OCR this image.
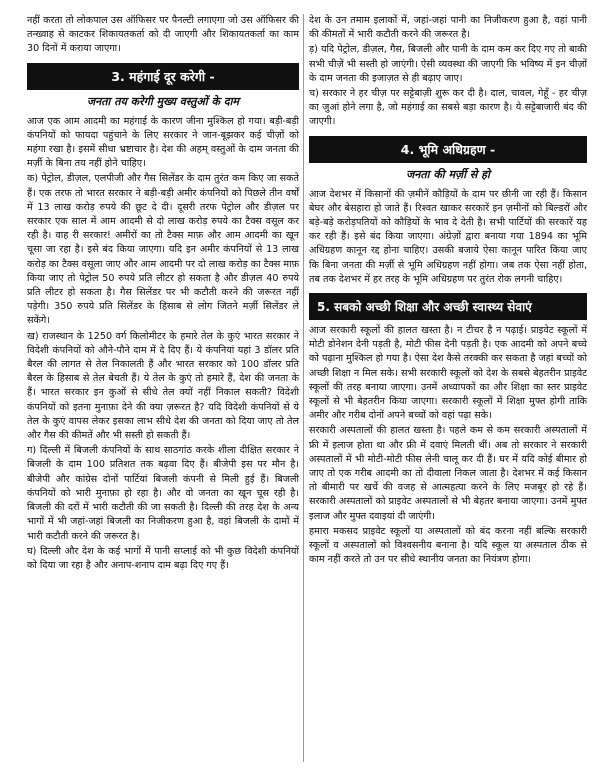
नहीं करता तो लोकपाल उस ऑफिसर पर पैनल्टी लगाएगा जो उस ऑफिसर की तन्ख्वाह से काटकर शिकायतकर्ता को दी जाएगी और शिकायतकर्ता का काम 30 दिनों में कराया जाएगा।

3. महंगाई दूर करेगी -
जनता तय करेगी मुख्य वस्तुओं के दाम

आज एक आम आदमी का महंगाई के कारण जीना मुश्किल हो गया। बड़ी-बड़ी कंपनियों को फायदा पहुंचाने के लिए सरकार ने जान-बूझकर कई चीज़ों को महंगा रखा है। इसमें सीधा भ्रष्टाचार है। देश की अहम् वस्तुओं के दाम जनता की मर्ज़ी के बिना तय नहीं होने चाहिए।

क) पेट्रोल, डीज़ल, एलपीजी और गैस सिलेंडर के दाम तुरंत कम किए जा सकते हैं। एक तरफ तो भारत सरकार ने बड़ी-बड़ी अमीर कंपनियों को पिछले तीन वर्षों में 13 लाख करोड़ रुपये की छूट दे दी। दूसरी तरफ पेट्रोल और डीज़ल पर सरकार एक साल में आम आदमी से दो लाख करोड़ रुपये का टैक्स वसूल कर रही है। वाह री सरकार! अमीरों का तो टैक्स माफ़ और आम आदमी का खून चूसा जा रहा है। इसे बंद किया जाएगा। यदि इन अमीर कंपनियों से 13 लाख करोड़ का टैक्स वसूला जाए और आम आदमी पर दो लाख करोड़ का टैक्स माफ़ किया जाए तो पेट्रोल 50 रुपये प्रति लीटर हो सकता है और डीज़ल 40 रुपये प्रति लीटर हो सकता है। गैस सिलेंडर पर भी कटौती करने की जरूरत नहीं पड़ेगी। 350 रुपये प्रति सिलेंडर के हिसाब से लोग जितने मर्ज़ी सिलेंडर ले सकेंगे।

ख) राजस्थान के 1250 वर्ग किलोमीटर के हमारे तेल के कुएं भारत सरकार ने विदेशी कंपनियों को औने-पौने दाम में दे दिए हैं। ये कंपनियां यहां 3 डॉलर प्रति बैरल की लागत से तेल निकालती हैं और भारत सरकार को 100 डॉलर प्रति बैरल के हिसाब से तेल बेचती हैं। ये तेल के कुएं तो हमारे हैं, देश की जनता के हैं। भारत सरकार इन कुओं से सीधे तेल क्यों नहीं निकाल सकती? विदेशी कंपनियों को इतना मुनाफ़ा देने की क्या ज़रूरत है? यदि विदेशी कंपनियों से ये तेल के कुएं वापस लेकर इसका लाभ सीधे देश की जनता को दिया जाए तो तेल और गैस की कीमतें और भी सस्ती हो सकती हैं।

ग) दिल्ली में बिजली कंपनियों के साथ साठगांठ करके शीला दीक्षित सरकार ने बिजली के दाम 100 प्रतिशत तक बढ़वा दिए हैं। बीजेपी इस पर मौन है। बीजेपी और कांग्रेस दोनों पार्टियां बिजली कंपनी से मिली हुई हैं। बिजली कंपनियों को भारी मुनाफ़ा हो रहा है। और वो जनता का खून चूस रही है। बिजली की दरों में भारी कटौती की जा सकती है। दिल्ली की तरह देश के अन्य भागों में भी जहां-जहां बिजली का निजीकरण हुआ है, वहां बिजली के दामों में भारी कटौती करने की जरूरत है।

घ) दिल्ली और देश के कई भागों में पानी सप्लाई को भी कुछ विदेशी कंपनियों को दिया जा रहा है और अनाप-शनाप दाम बढ़ा दिए गए हैं।

देश के उन तमाम इलाकों में, जहां-जहां पानी का निजीकरण हुआ है, वहां पानी की कीमतों में भारी कटौती करने की जरूरत है।

ड़) यदि पेट्रोल, डीज़ल, गैस, बिजली और पानी के दाम कम कर दिए गए तो बाकी सभी चीज़ें भी सस्ती हो जाएंगी। ऐसी व्यवस्था की जाएगी कि भविष्य में इन चीज़ों के दाम जनता की इजाज़त से ही बढ़ाए जाए।

च) सरकार ने हर चीज़ पर सट्टेबाज़ी शुरू कर दी है। दाल, चावल, गेहूँ - हर चीज़ का जुआं होने लगा है, जो महंगाई का सबसे बड़ा कारण है। ये सट्टेबाजारी बंद की जाएगी।

4. भूमि अधिग्रहण -
जनता की मर्ज़ी से हो

आज देशभर में किसानों की ज़मीनें कौड़ियों के दाम पर छीनी जा रही हैं। किसान बेघर और बेसहारा हो जाते हैं। रिश्वत खाकर सरकारें इन ज़मीनों को बिल्डरों और बड़े-बड़े करोड़पतियों को कौड़ियों के भाव दे देती है। सभी पार्टियों की सरकारें यह कर रही हैं। इसे बंद किया जाएगा। अंग्रेज़ों द्वारा बनाया गया 1894 का भूमि अधिग्रहण कानून रद्द होना चाहिए। उसकी बजाये ऐसा कानून पारित किया जाए कि बिना जनता की मर्ज़ी से भूमि अधिग्रहण नहीं होगा। जब तक ऐसा नहीं होता, तब तक देशभर में हर तरह के भूमि अधिग्रहण पर तुरंत रोक लगनी चाहिए।

5. सबको अच्छी शिक्षा और अच्छी स्वास्थ्य सेवाएं

आज सरकारी स्कूलों की हालत खस्ता है। न टीचर है न पढ़ाई। प्राइवेट स्कूलों में मोटी डोनेशन देनी पड़ती है, मोटी फीस देनी पड़ती है। एक आदमी को अपने बच्चे को पढ़ाना मुश्किल हो गया है। ऐसा देश कैसे तरक्की कर सकता है जहां बच्चों को अच्छी शिक्षा न मिल सके। सभी सरकारी स्कूलों को देश के सबसे बेहतरीन प्राइवेट स्कूलों की तरह बनाया जाएगा। उनमें अध्यापकों का और शिक्षा का स्तर प्राइवेट स्कूलों से भी बेहतरीन किया जाएगा। सरकारी स्कूलों में शिक्षा मुफ्त होगी ताकि अमीर और गरीब दोनों अपने बच्चों को वहां पढ़ा सके।

सरकारी अस्पतालों की हालत खस्ता है। पहले कम से कम सरकारी अस्पतालों में फ्री में इलाज होता था और फ्री में दवाएं मिलती थीं। अब तो सरकार ने सरकारी अस्पतालों में भी मोटी-मोटी फीस लेनी चालू कर दी हैं। घर में यदि कोई बीमार हो जाए तो एक गरीब आदमी का तो दीवाला निकल जाता है। देशभर में कई किसान तो बीमारी पर खर्चे की वजह से आत्महत्या करने के लिए मजबूर हो रहे हैं। सरकारी अस्पतालों को प्राइवेट अस्पतालों से भी बेहतर बनाया जाएगा। उनमें मुफ्त इलाज और मुफ्त दवाइयां दी जाएंगी।

हमारा मकसद प्राइवेट स्कूलों या अस्पतालों को बंद करना नहीं बल्कि सरकारी स्कूलों व अस्पतालों को विश्वसनीय बनाना है। यदि स्कूल या अस्पताल ठीक से काम नहीं करते तो उन पर सीधे स्थानीय जनता का नियंत्रण होगा।
